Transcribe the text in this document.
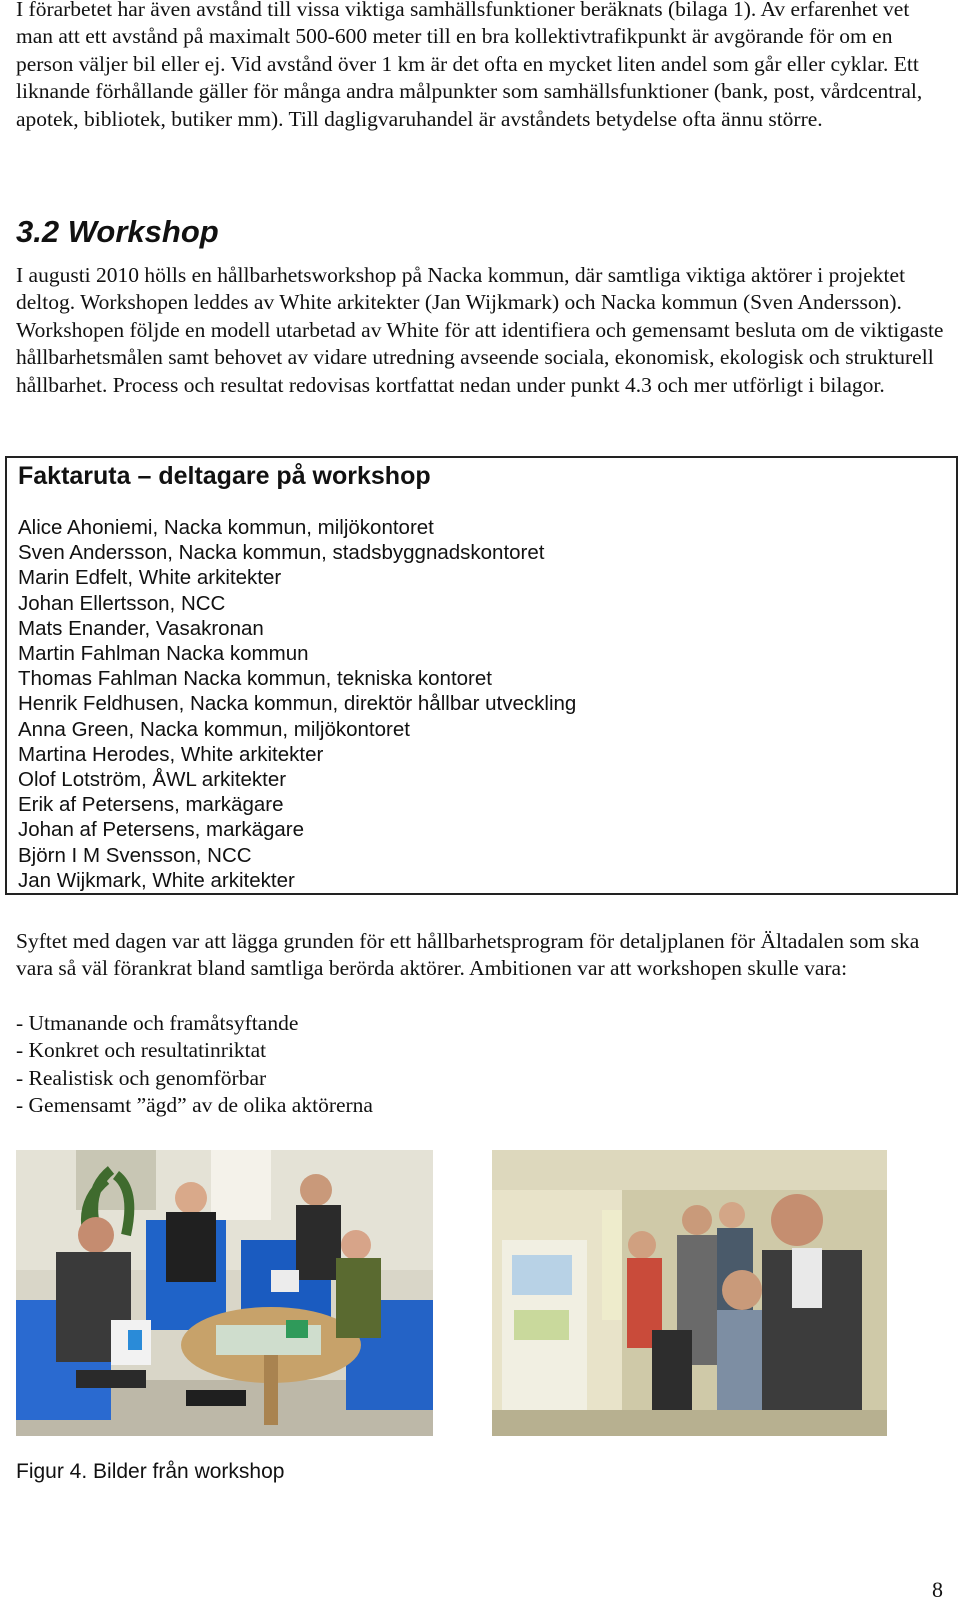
I förarbetet har även avstånd till vissa viktiga samhällsfunktioner beräknats (bilaga 1). Av erfarenhet vet man att ett avstånd på maximalt 500-600 meter till en bra kollektivtrafikpunkt är avgörande för om en person väljer bil eller ej. Vid avstånd över 1 km är det ofta en mycket liten andel som går eller cyklar. Ett liknande förhållande gäller för många andra målpunkter som samhällsfunktioner (bank, post, vårdcentral, apotek, bibliotek, butiker mm). Till dagligvaruhandel är avståndets betydelse ofta ännu större.

3.2 Workshop

I augusti 2010 hölls en hållbarhetsworkshop på Nacka kommun, där samtliga viktiga aktörer i projektet deltog. Workshopen leddes av White arkitekter (Jan Wijkmark) och Nacka kommun (Sven Andersson). Workshopen följde en modell utarbetad av White för att identifiera och gemensamt besluta om de viktigaste hållbarhetsmålen samt behovet av vidare utredning avseende sociala, ekonomisk, ekologisk och strukturell hållbarhet. Process och resultat redovisas kortfattat nedan under punkt 4.3 och mer utförligt i bilagor.

Faktaruta – deltagare på workshop
Alice Ahoniemi, Nacka kommun, miljökontoret
Sven Andersson, Nacka kommun, stadsbyggnadskontoret
Marin Edfelt, White arkitekter
Johan Ellertsson, NCC
Mats Enander, Vasakronan
Martin Fahlman Nacka kommun
Thomas Fahlman Nacka kommun, tekniska kontoret
Henrik Feldhusen, Nacka kommun, direktör hållbar utveckling
Anna Green, Nacka kommun, miljökontoret
Martina Herodes, White arkitekter
Olof Lotström, ÅWL arkitekter
Erik af Petersens, markägare
Johan af Petersens, markägare
Björn I M Svensson, NCC
Jan Wijkmark, White arkitekter

Syftet med dagen var att lägga grunden för ett hållbarhetsprogram för detaljplanen för Ältadalen som ska vara så väl förankrat bland samtliga berörda aktörer. Ambitionen var att workshopen skulle vara:

- Utmanande och framåtsyftande
- Konkret och resultatinriktat
- Realistisk och genomförbar
- Gemensamt ”ägd” av de olika aktörerna

Figur 4. Bilder från workshop

8
